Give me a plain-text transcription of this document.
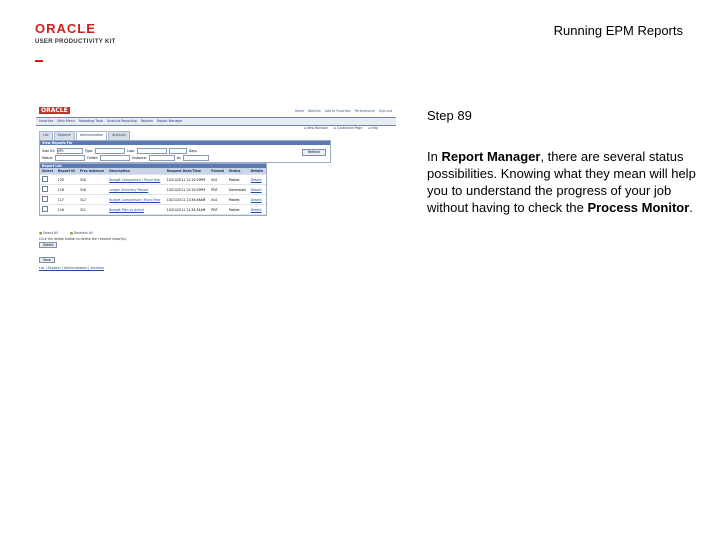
ORACLE
USER PRODUCTIVITY KIT
Running EPM Reports
ORACLE	Home Worklist Add to Favorites Performance Sign out
Favorites Main Menu Reporting Tools Analysis Reporting Reports Report Manager
▪ New Window	▪ Customize Page	▪ http
List	Explorer	Administration	Archives
View Reports For
User ID: VP1	Type:	Last:	Days
Status:	Folder:	Instance:	to:
Refresh
Report List
Select	Report ID	Prcs Instance	Description	Request Date/Time	Format	Status	Details
	120	316	Budget Comparison / Fiscal Year	10/21/2011 12:10:29PM	XLS	Posted	Details
	118	316	Ledger Summary Report	10/21/2011 12:10:29PM	PDF	Generated	Details
	117	312	Budget Comparison / Fiscal Year	10/21/2011 11:36:48AM	XLS	Posted	Details
	116	311	Budget Plan vs Actual	10/21/2011 11:34:34AM	PDF	Posted	Details
■ Select All	■ Deselect All
Click the delete button to delete the checked report(s).
Delete
Save
List | Explorer | Administration | Archives
Step 89
In Report Manager, there are several status possibilities. Knowing what they mean will help you to understand the progress of your job without having to check the Process Monitor.
